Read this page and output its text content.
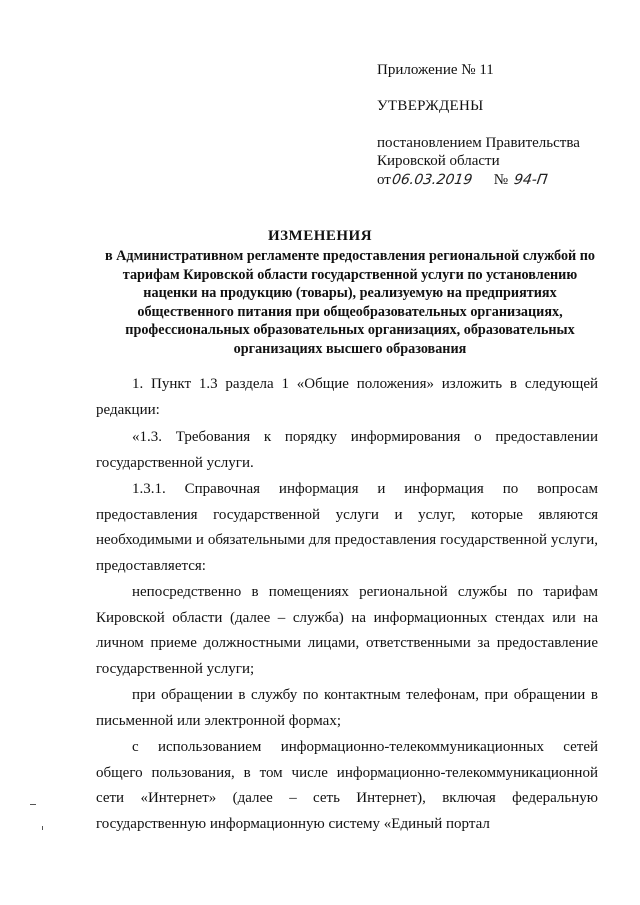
Приложение № 11
УТВЕРЖДЕНЫ
постановлением Правительства
Кировской области
от06.03.2019 № 94-П
ИЗМЕНЕНИЯ
в Административном регламенте предоставления региональной службой по тарифам Кировской области государственной услуги по установлению наценки на продукцию (товары), реализуемую на предприятиях общественного питания при общеобразовательных организациях, профессиональных образовательных организациях, образовательных организациях высшего образования

1. Пункт 1.3 раздела 1 «Общие положения» изложить в следующей редакции:

«1.3. Требования к порядку информирования о предоставлении государственной услуги.

1.3.1. Справочная информация и информация по вопросам предоставления государственной услуги и услуг, которые являются необходимыми и обязательными для предоставления государственной услуги, предоставляется:

непосредственно в помещениях региональной службы по тарифам Кировской области (далее – служба) на информационных стендах или на личном приеме должностными лицами, ответственными за предоставление государственной услуги;

при обращении в службу по контактным телефонам, при обращении в письменной или электронной формах;

с использованием информационно-телекоммуникационных сетей общего пользования, в том числе информационно-телекоммуникационной сети «Интернет» (далее – сеть Интернет), включая федеральную государственную информационную систему «Единый портал
